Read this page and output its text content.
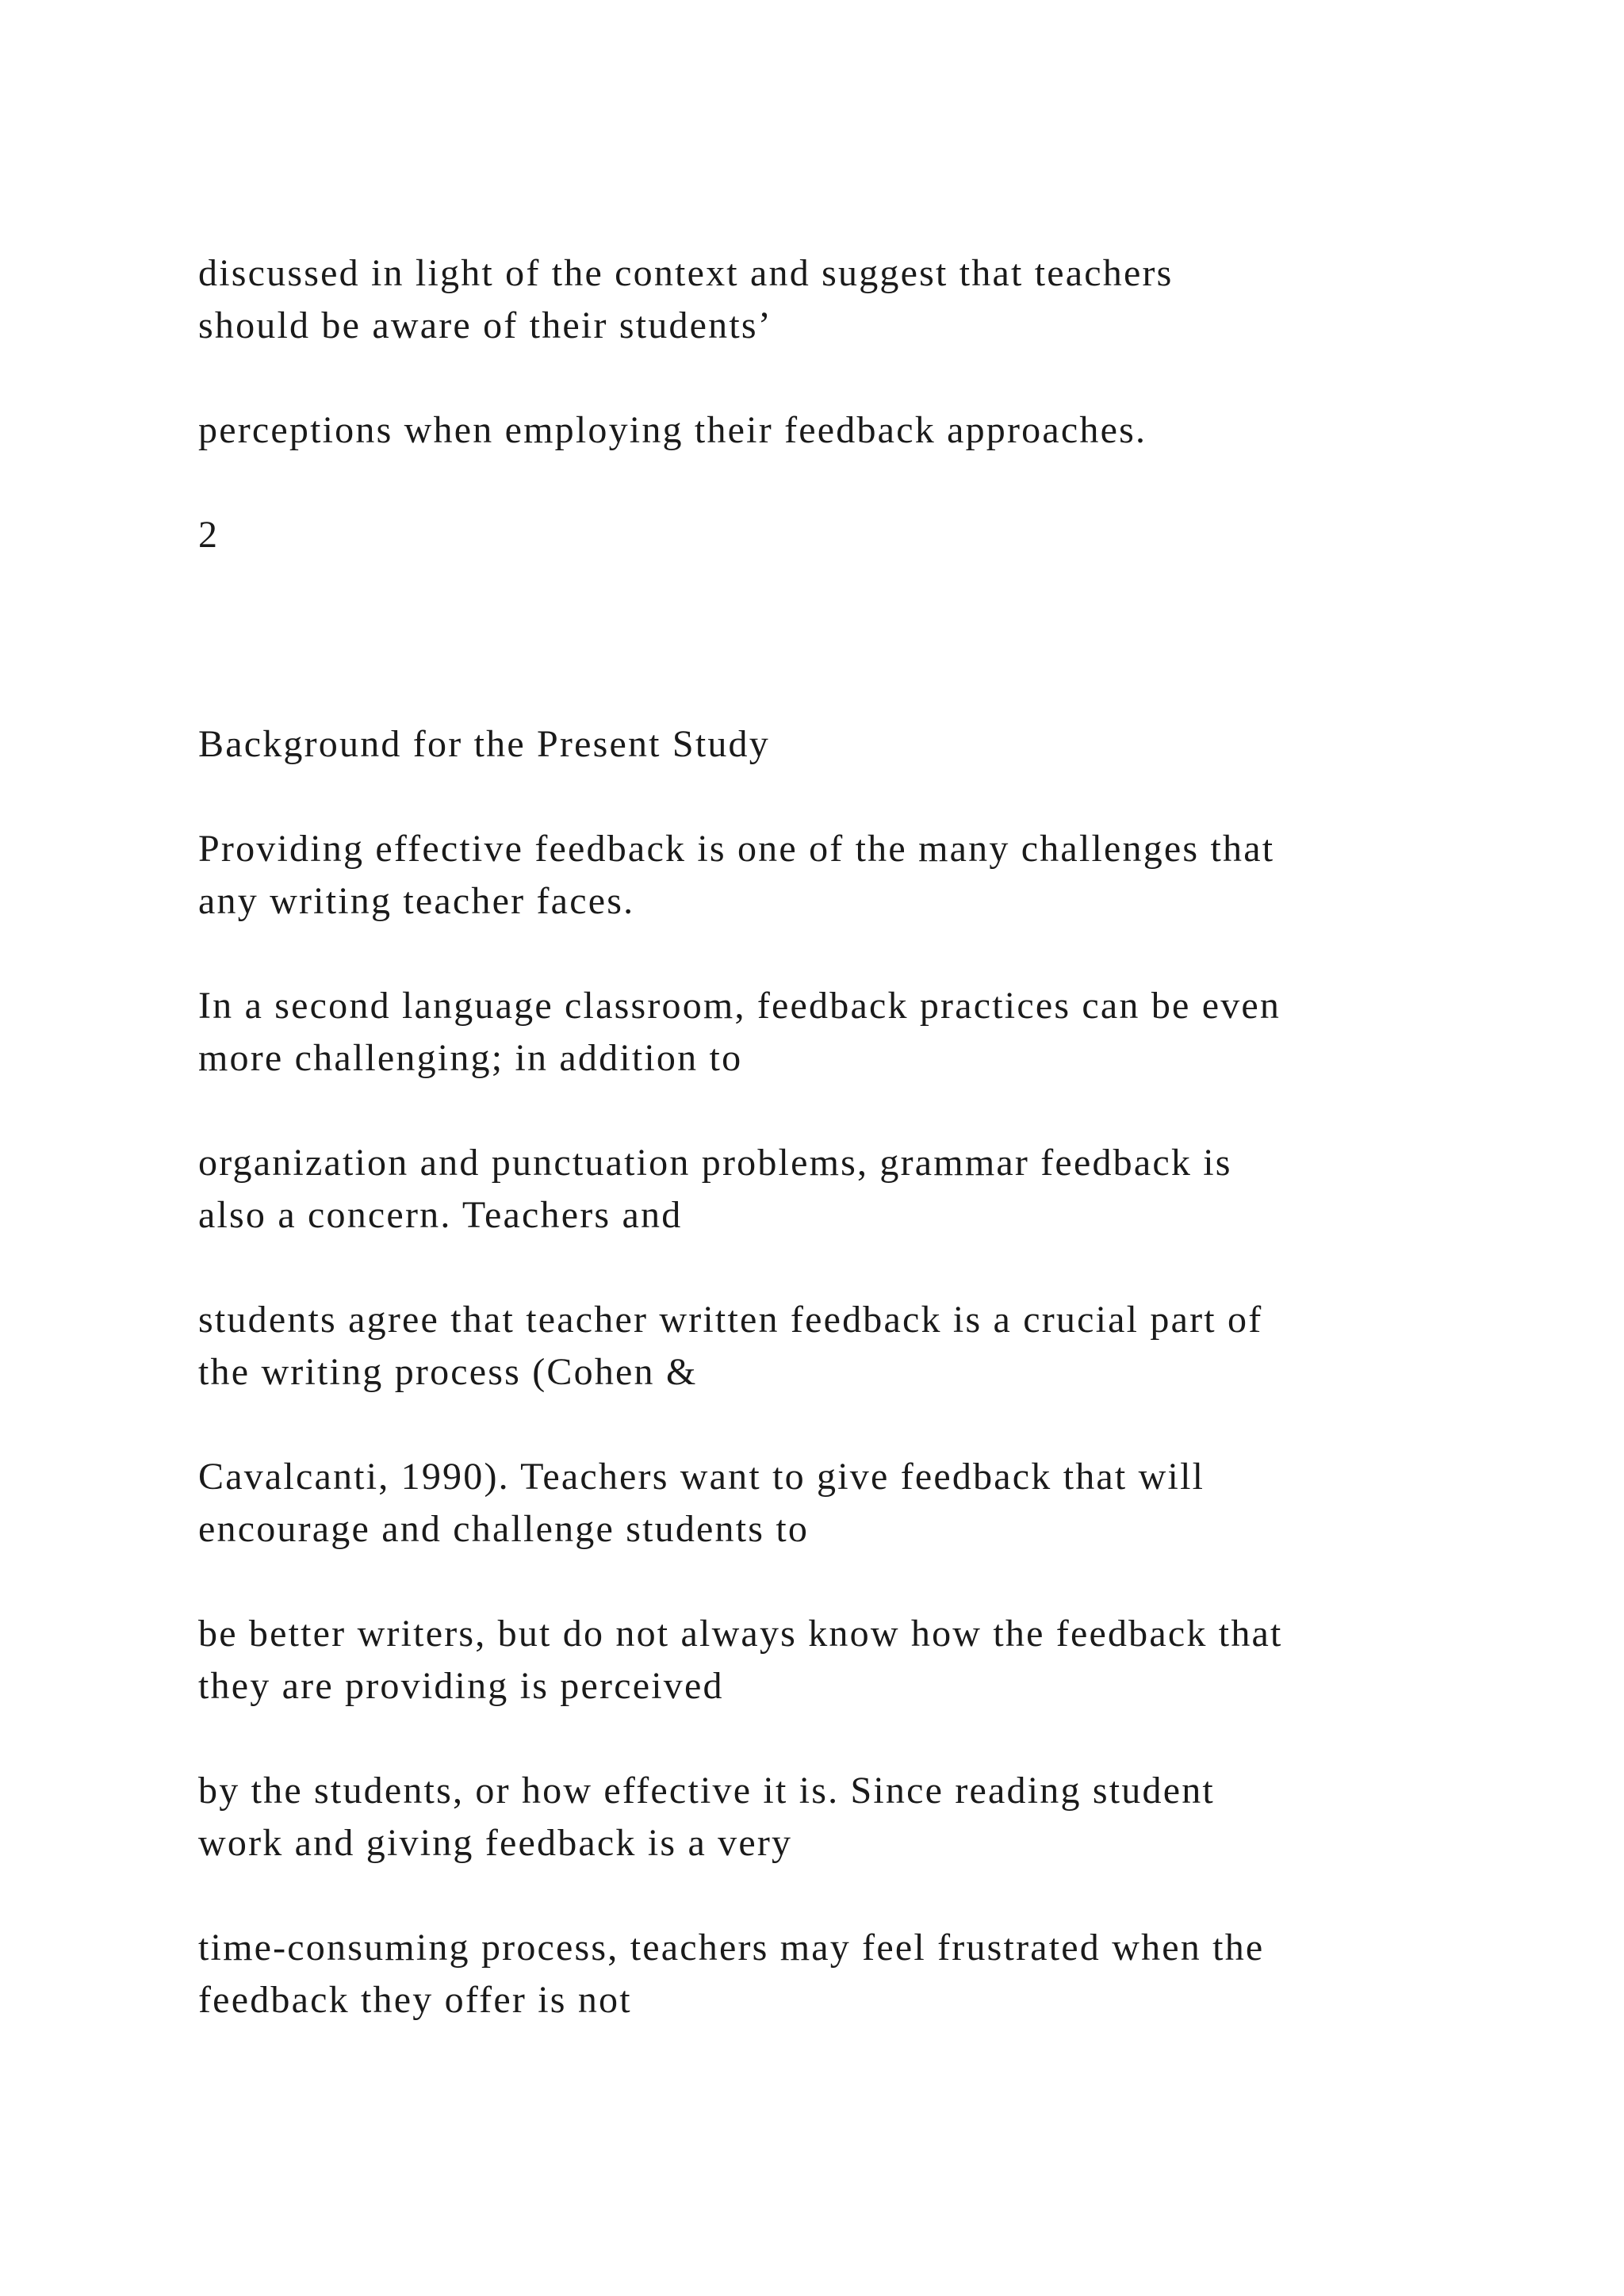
discussed in light of the context and suggest that teachers
should be aware of their students’

perceptions when employing their feedback approaches.

2

Background for the Present Study

Providing effective feedback is one of the many challenges that
any writing teacher faces.

In a second language classroom, feedback practices can be even
more challenging; in addition to

organization and punctuation problems, grammar feedback is
also a concern. Teachers and

students agree that teacher written feedback is a crucial part of
the writing process (Cohen &

Cavalcanti, 1990). Teachers want to give feedback that will
encourage and challenge students to

be better writers, but do not always know how the feedback that
they are providing is perceived

by the students, or how effective it is. Since reading student
work and giving feedback is a very

time-consuming process, teachers may feel frustrated when the
feedback they offer is not
